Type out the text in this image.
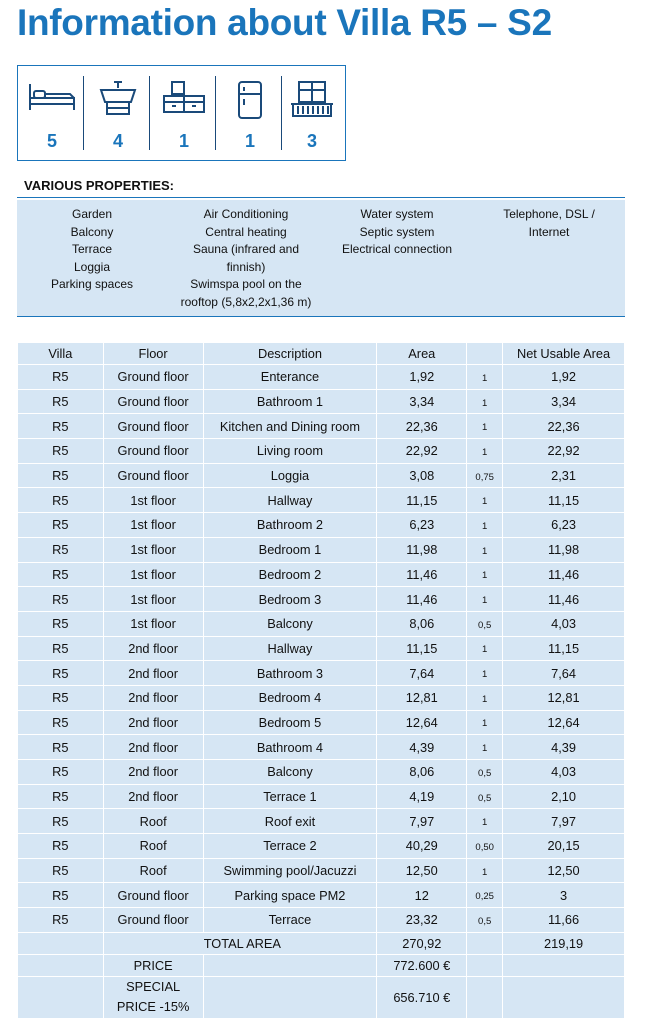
Information about Villa R5 – S2
5	4	1	1	3
VARIOUS PROPERTIES:
Garden
Balcony
Terrace
Loggia
Parking spaces
Air Conditioning
Central heating
Sauna (infrared and
finnish)
Swimspa pool on the
rooftop (5,8x2,2x1,36 m)
Water system
Septic system
Electrical connection
Telephone, DSL /
Internet
Villa	Floor	Description	Area		Net Usable Area
R5	Ground floor	Enterance	1,92	1	1,92
R5	Ground floor	Bathroom 1	3,34	1	3,34
R5	Ground floor	Kitchen and Dining room	22,36	1	22,36
R5	Ground floor	Living room	22,92	1	22,92
R5	Ground floor	Loggia	3,08	0,75	2,31
R5	1st floor	Hallway	11,15	1	11,15
R5	1st floor	Bathroom 2	6,23	1	6,23
R5	1st floor	Bedroom 1	11,98	1	11,98
R5	1st floor	Bedroom 2	11,46	1	11,46
R5	1st floor	Bedroom 3	11,46	1	11,46
R5	1st floor	Balcony	8,06	0,5	4,03
R5	2nd floor	Hallway	11,15	1	11,15
R5	2nd floor	Bathroom 3	7,64	1	7,64
R5	2nd floor	Bedroom 4	12,81	1	12,81
R5	2nd floor	Bedroom 5	12,64	1	12,64
R5	2nd floor	Bathroom 4	4,39	1	4,39
R5	2nd floor	Balcony	8,06	0,5	4,03
R5	2nd floor	Terrace 1	4,19	0,5	2,10
R5	Roof	Roof exit	7,97	1	7,97
R5	Roof	Terrace 2	40,29	0,50	20,15
R5	Roof	Swimming pool/Jacuzzi	12,50	1	12,50
R5	Ground floor	Parking space PM2	12	0,25	3
R5	Ground floor	Terrace	23,32	0,5	11,66
	TOTAL AREA		270,92		219,19
	PRICE		772.600 €		

	SPECIAL
PRICE -15%		656.710 €		
